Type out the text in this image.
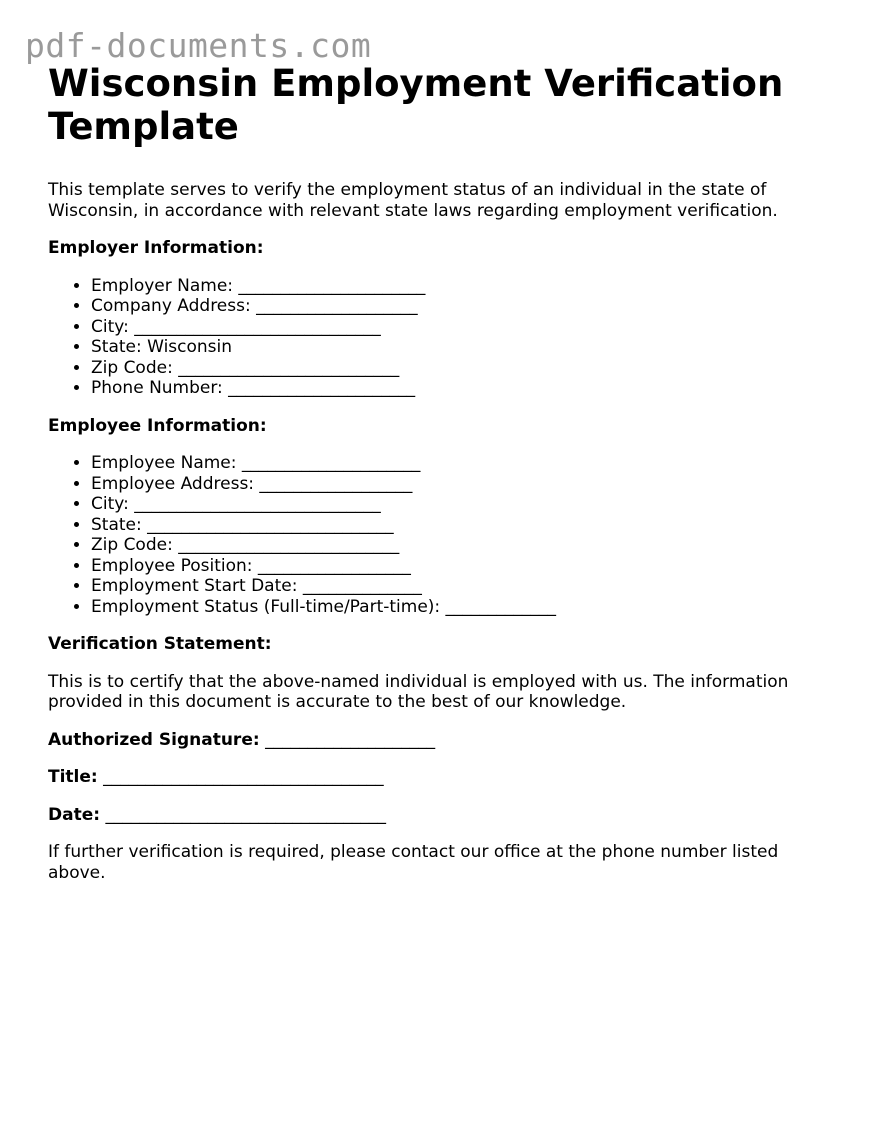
pdf-documents.com
Wisconsin Employment Verification Template

This template serves to verify the employment status of an individual in the state of Wisconsin, in accordance with relevant state laws regarding employment verification.

Employer Information:
• Employer Name: ______________________
• Company Address: ___________________
• City: _____________________________
• State: Wisconsin
• Zip Code: __________________________
• Phone Number: ______________________
Employee Information:
• Employee Name: _____________________
• Employee Address: __________________
• City: _____________________________
• State: _____________________________
• Zip Code: __________________________
• Employee Position: __________________
• Employment Start Date: ______________
• Employment Status (Full-time/Part-time): _____________
Verification Statement:

This is to certify that the above-named individual is employed with us. The information provided in this document is accurate to the best of our knowledge.

Authorized Signature: ____________________
Title: _________________________________
Date: _________________________________

If further verification is required, please contact our office at the phone number listed above.
